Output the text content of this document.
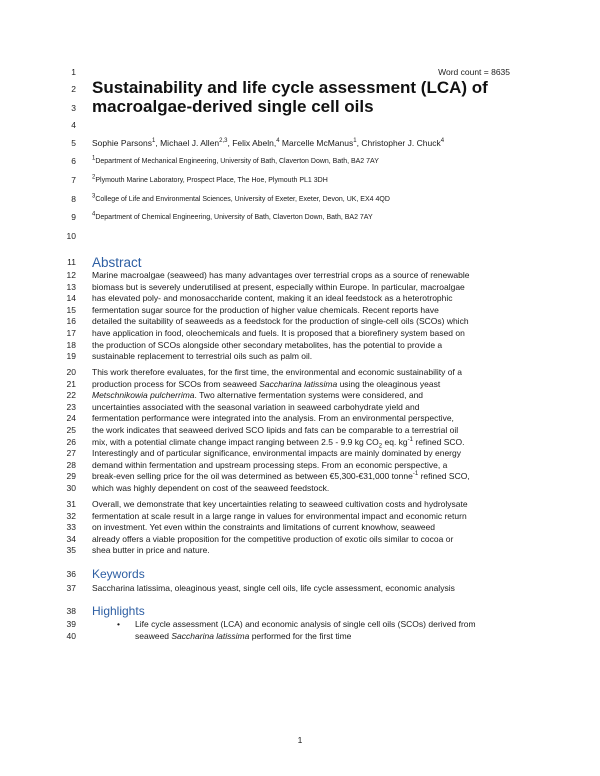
Word count = 8635
1
2
3
4
5
6
7
8
9
10
11
12
13
14
15
16
17
18
19
20
21
22
23
24
25
26
27
28
29
30
31
32
33
34
35
36
37
38
39
40
Sustainability and life cycle assessment (LCA) of macroalgae-derived single cell oils
Sophie Parsons$^1$, Michael J. Allen$^{2,3}$, Felix Abeln,$^4$ Marcelle McManus$^1$, Christopher J. Chuck$^4$
$^1$Department of Mechanical Engineering, University of Bath, Claverton Down, Bath, BA2 7AY
$^2$Plymouth Marine Laboratory, Prospect Place, The Hoe, Plymouth PL1 3DH
$^3$College of Life and Environmental Sciences, University of Exeter, Exeter, Devon, UK, EX4 4QD
$^4$Department of Chemical Engineering, University of Bath, Claverton Down, Bath, BA2 7AY
Abstract
Marine macroalgae (seaweed) has many advantages over terrestrial crops as a source of renewable
biomass but is severely underutilised at present, especially within Europe. In particular, macroalgae
has elevated poly- and monosaccharide content, making it an ideal feedstock as a heterotrophic
fermentation sugar source for the production of higher value chemicals. Recent reports have
detailed the suitability of seaweeds as a feedstock for the production of single-cell oils (SCOs) which
have application in food, oleochemicals and fuels. It is proposed that a biorefinery system based on
the production of SCOs alongside other secondary metabolites, has the potential to provide a
sustainable replacement to terrestrial oils such as palm oil.
This work therefore evaluates, for the first time, the environmental and economic sustainability of a
production process for SCOs from seaweed Saccharina latissima using the oleaginous yeast
Metschnikowia pulcherrima. Two alternative fermentation systems were considered, and
uncertainties associated with the seasonal variation in seaweed carbohydrate yield and
fermentation performance were integrated into the analysis. From an environmental perspective,
the work indicates that seaweed derived SCO lipids and fats can be comparable to a terrestrial oil
mix, with a potential climate change impact ranging between 2.5 - 9.9 kg $CO_2$ eq. $kg^{-1}$ refined SCO.
Interestingly and of particular significance, environmental impacts are mainly dominated by energy
demand within fermentation and upstream processing steps. From an economic perspective, a
break-even selling price for the oil was determined as between €5,300-€31,000 tonne$^{-1}$ refined SCO,
which was highly dependent on cost of the seaweed feedstock.
Overall, we demonstrate that key uncertainties relating to seaweed cultivation costs and hydrolysate
fermentation at scale result in a large range in values for environmental impact and economic return
on investment. Yet even within the constraints and limitations of current knowhow, seaweed
already offers a viable proposition for the competitive production of exotic oils similar to cocoa or
shea butter in price and nature.
Keywords
Saccharina latissima, oleaginous yeast, single cell oils, life cycle assessment, economic analysis
Highlights
• Life cycle assessment (LCA) and economic analysis of single cell oils (SCOs) derived from
seaweed Saccharina latissima performed for the first time
1
